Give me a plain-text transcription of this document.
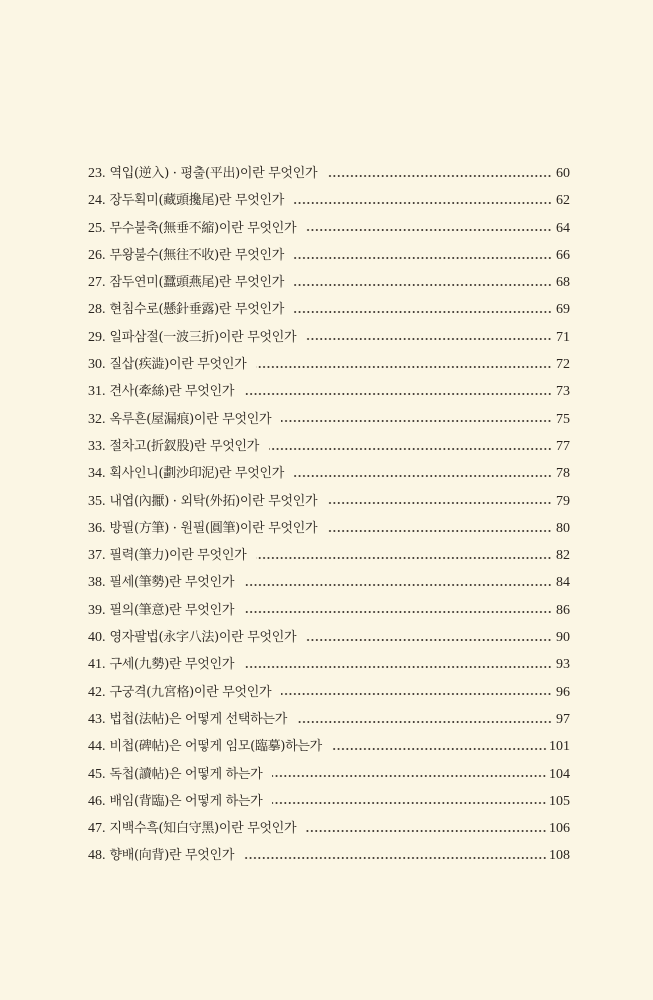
23. 역입(逆入) · 평출(平出)이란 무엇인가	60
24. 장두획미(藏頭攙尾)란 무엇인가	62
25. 무수불축(無垂不縮)이란 무엇인가	64
26. 무왕불수(無往不收)란 무엇인가	66
27. 잠두연미(蠶頭燕尾)란 무엇인가	68
28. 현침수로(懸針垂露)란 무엇인가	69
29. 일파삼절(一波三折)이란 무엇인가	71
30. 질삽(疾澁)이란 무엇인가	72
31. 견사(牽絲)란 무엇인가	73
32. 옥루흔(屋漏痕)이란 무엇인가	75
33. 절차고(折釵股)란 무엇인가	77
34. 획사인니(劃沙印泥)란 무엇인가	78
35. 내엽(內擫) · 외탁(外拓)이란 무엇인가	79
36. 방필(方筆) · 원필(圓筆)이란 무엇인가	80
37. 필력(筆力)이란 무엇인가	82
38. 필세(筆勢)란 무엇인가	84
39. 필의(筆意)란 무엇인가	86
40. 영자팔법(永字八法)이란 무엇인가	90
41. 구세(九勢)란 무엇인가	93
42. 구궁격(九宮格)이란 무엇인가	96
43. 법첩(法帖)은 어떻게 선택하는가	97
44. 비첩(碑帖)은 어떻게 임모(臨摹)하는가	101
45. 독첩(讀帖)은 어떻게 하는가	104
46. 배임(背臨)은 어떻게 하는가	105
47. 지백수흑(知白守黑)이란 무엇인가	106
48. 향배(向背)란 무엇인가	108
